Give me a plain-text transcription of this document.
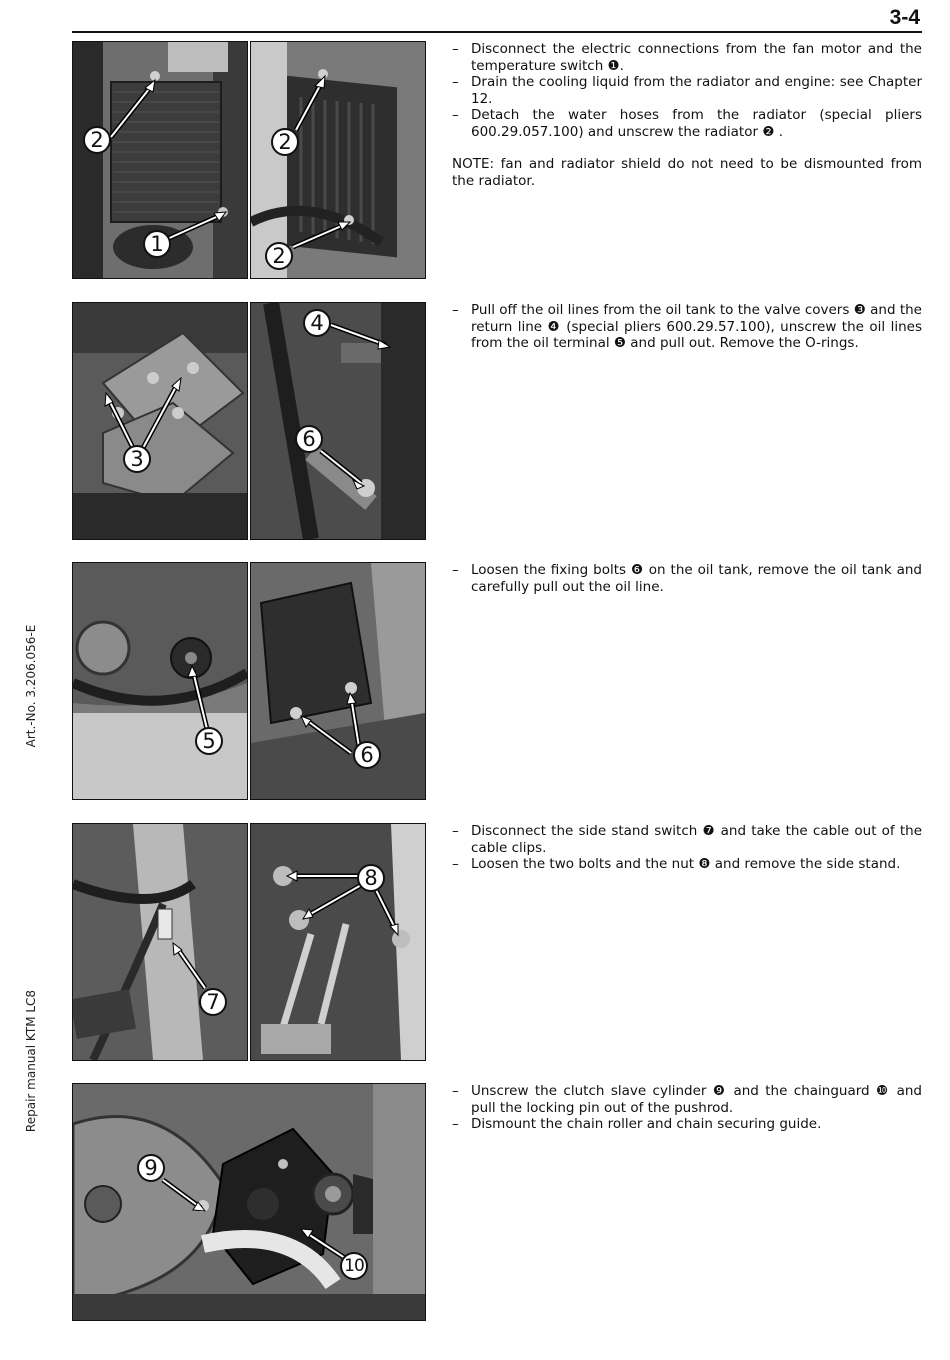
3-4
Art.-No. 3.206.056-E
Repair manual KTM LC8
2
1
2
2
– Disconnect the electric connections from the fan motor and the temperature switch ❶.
– Drain the cooling liquid from the radiator and engine: see Chapter 12.
– Detach the water hoses from the radiator (special pliers 600.29.057.100) and unscrew the radiator ❷ .

NOTE: fan and radiator shield do not need to be dismounted from the radiator.

3
4
6
– Pull off the oil lines from the oil tank to the valve covers ❸ and the return line ❹ (special pliers 600.29.57.100), unscrew the oil lines from the oil terminal ❺ and pull out. Remove the O-rings.
5
6
– Loosen the fixing bolts ❻ on the oil tank, remove the oil tank and carefully pull out the oil line.
7
8
– Disconnect the side stand switch ❼ and take the cable out of the cable clips.
– Loosen the two bolts and the nut ❽ and remove the side stand.
9
10
– Unscrew the clutch slave cylinder ❾ and the chainguard ❿ and pull the locking pin out of the pushrod.
– Dismount the chain roller and chain securing guide.
